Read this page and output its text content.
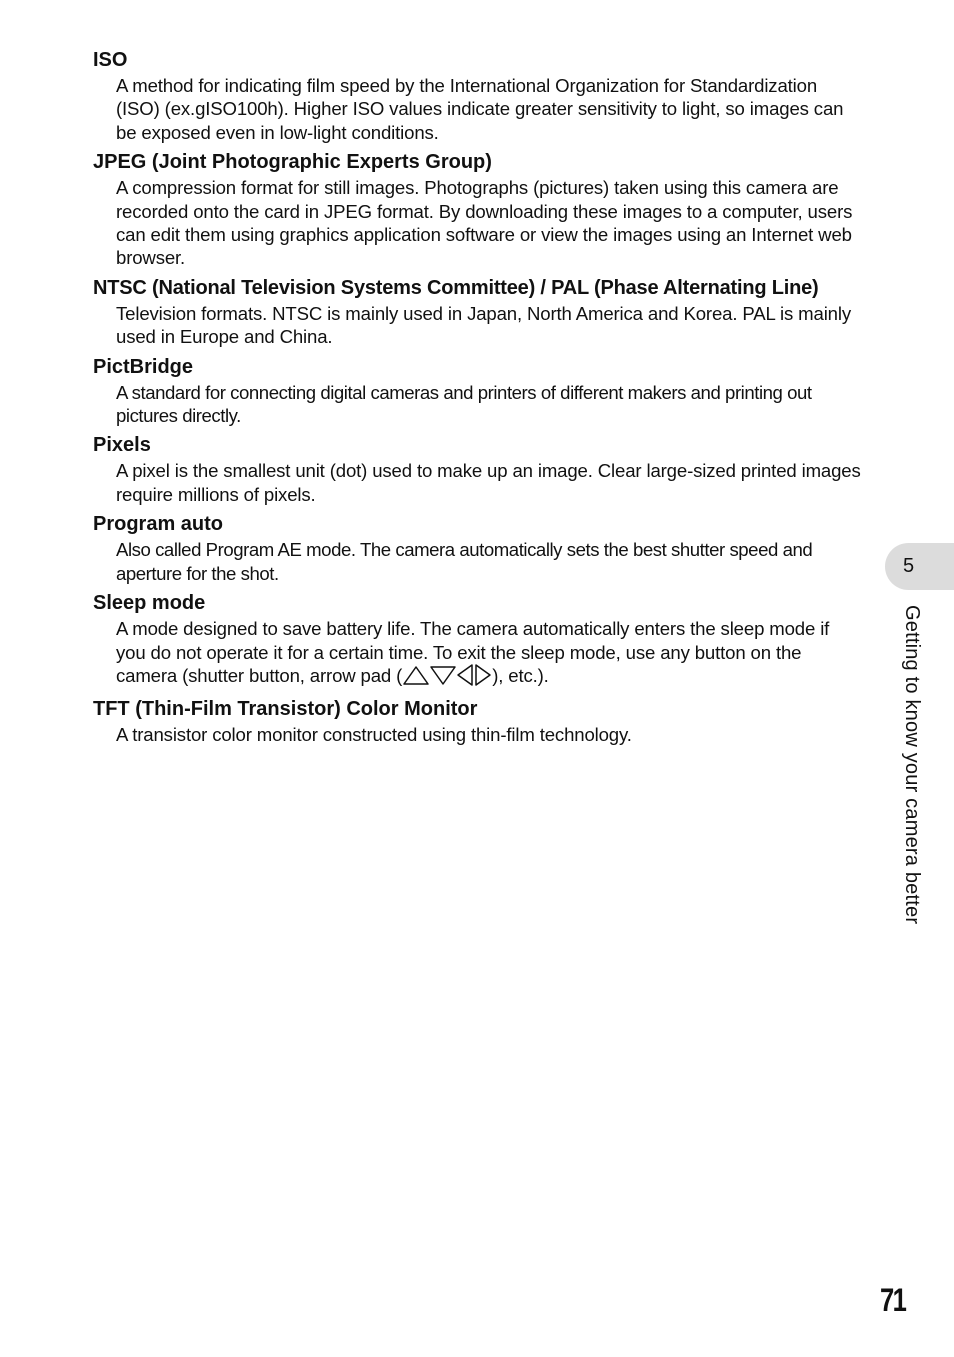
ISO
A method for indicating film speed by the International Organization for Standardization (ISO) (ex.gISO100h). Higher ISO values indicate greater sensitivity to light, so images can be exposed even in low-light conditions.
JPEG (Joint Photographic Experts Group)
A compression format for still images. Photographs (pictures) taken using this camera are recorded onto the card in JPEG format. By downloading these images to a computer, users can edit them using graphics application software or view the images using an Internet web browser.
NTSC (National Television Systems Committee) / PAL (Phase Alternating Line)
Television formats. NTSC is mainly used in Japan, North America and Korea. PAL is mainly used in Europe and China.
PictBridge
A standard for connecting digital cameras and printers of different makers and printing out pictures directly.
Pixels
A pixel is the smallest unit (dot) used to make up an image. Clear large-sized printed images require millions of pixels.
Program auto
Also called Program AE mode. The camera automatically sets the best shutter speed and aperture for the shot.
Sleep mode
A mode designed to save battery life. The camera automatically enters the sleep mode if you do not operate it for a certain time. To exit the sleep mode, use any button on the camera (shutter button, arrow pad (	), etc.).
TFT (Thin-Film Transistor) Color Monitor
A transistor color monitor constructed using thin-film technology.
5
Getting to know your camera better
71
